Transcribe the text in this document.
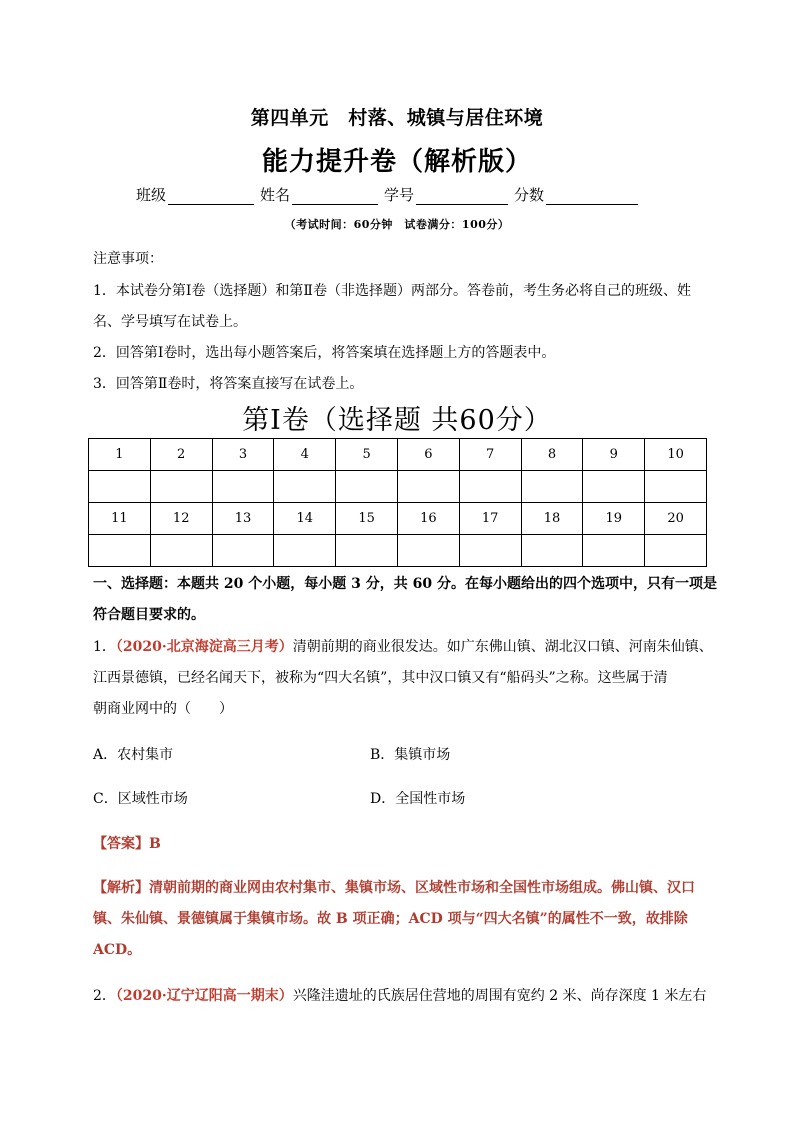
第四单元　村落、城镇与居住环境
能力提升卷（解析版）
班级	姓名	学号	分数
（考试时间：60分钟　试卷满分：100分）
注意事项：
1．本试卷分第Ⅰ卷（选择题）和第Ⅱ卷（非选择题）两部分。答卷前，考生务必将自己的班级、姓
名、学号填写在试卷上。
2．回答第Ⅰ卷时，选出每小题答案后，将答案填在选择题上方的答题表中。
3．回答第Ⅱ卷时，将答案直接写在试卷上。
第Ⅰ卷（选择题 共60分）
1	2	3	4	5	6	7	8	9	10

11	12	13	14	15	16	17	18	19	20

一、选择题：本题共 20 个小题，每小题 3 分，共 60 分。在每小题给出的四个选项中，只有一项是
符合题目要求的。
1．（2020·北京海淀高三月考）清朝前期的商业很发达。如广东佛山镇、湖北汉口镇、河南朱仙镇、
江西景德镇，已经名闻天下，被称为“四大名镇”，其中汉口镇又有“船码头”之称。这些属于清
朝商业网中的（　　）
A．农村集市	B．集镇市场
C．区域性市场	D．全国性市场
【答案】B
【解析】清朝前期的商业网由农村集市、集镇市场、区域性市场和全国性市场组成。佛山镇、汉口
镇、朱仙镇、景德镇属于集镇市场。故 B 项正确；ACD 项与“四大名镇”的属性不一致，故排除
ACD。
2．（2020·辽宁辽阳高一期末）兴隆洼遗址的氏族居住营地的周围有宽约 2 米、尚存深度 1 米左右
